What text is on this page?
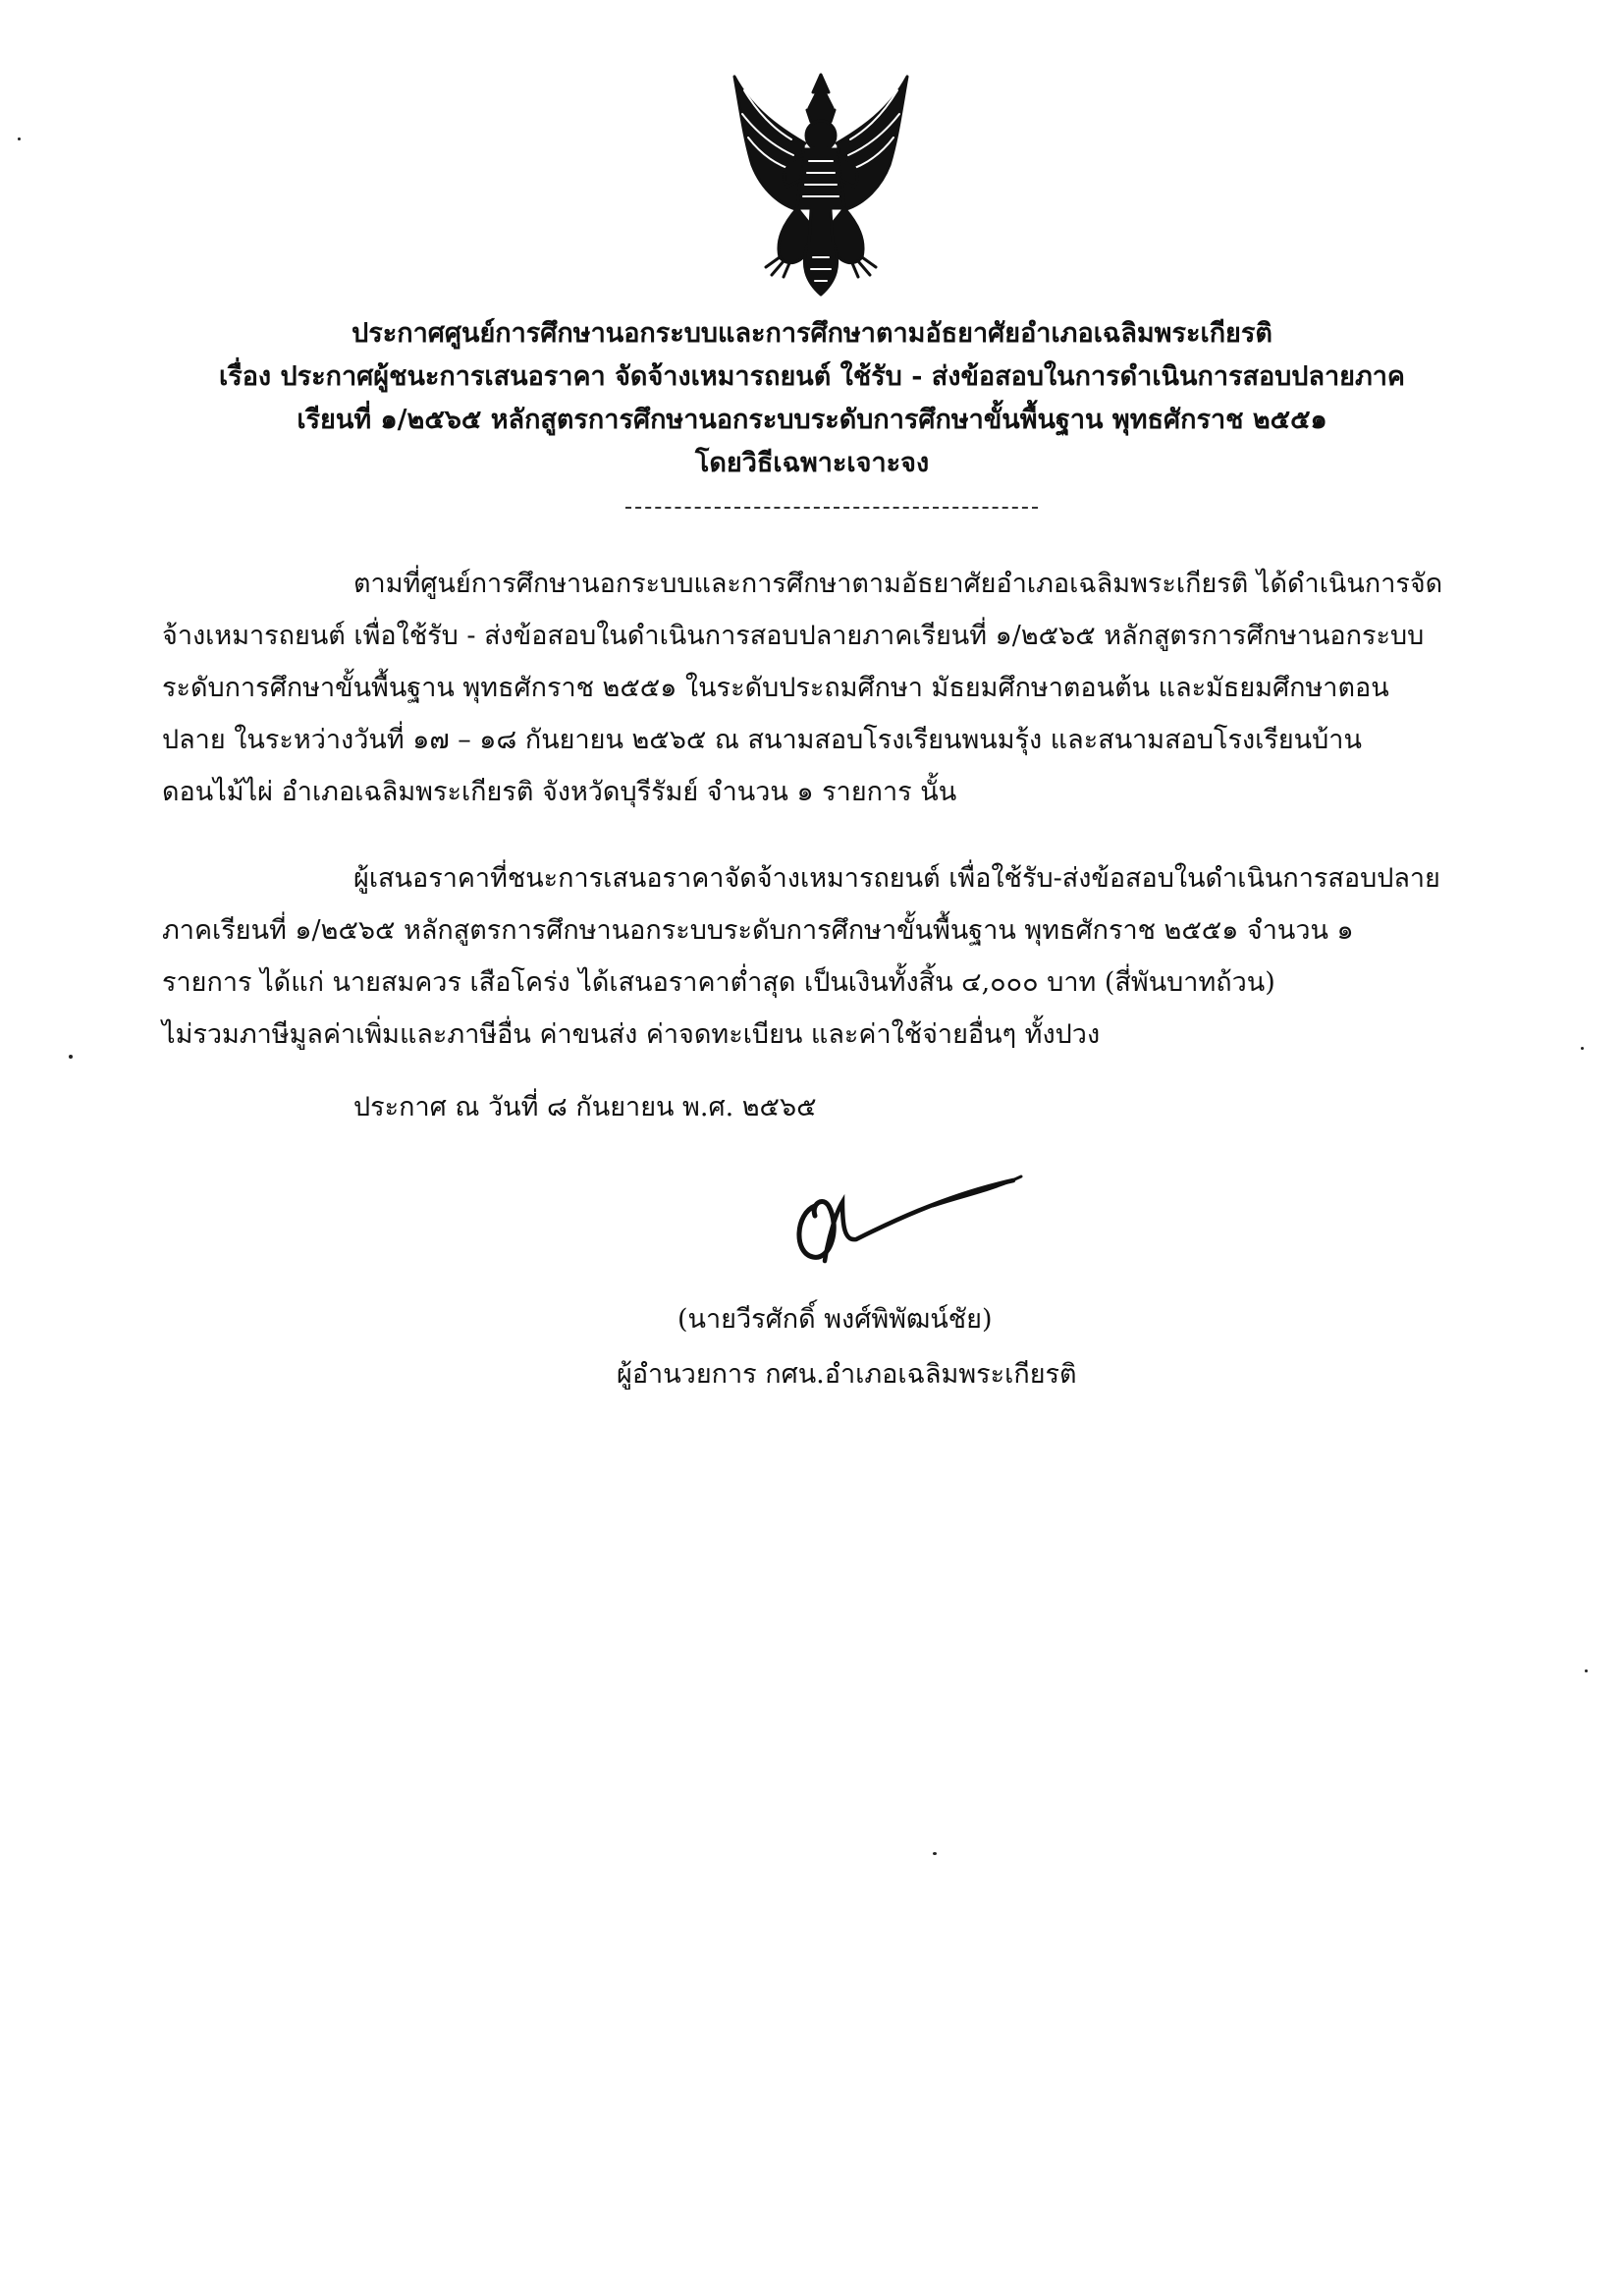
ประกาศศูนย์การศึกษานอกระบบและการศึกษาตามอัธยาศัยอำเภอเฉลิมพระเกียรติ
เรื่อง ประกาศผู้ชนะการเสนอราคา จัดจ้างเหมารถยนต์ ใช้รับ - ส่งข้อสอบในการดำเนินการสอบปลายภาค
เรียนที่ ๑/๒๕๖๕ หลักสูตรการศึกษานอกระบบระดับการศึกษาขั้นพื้นฐาน พุทธศักราช ๒๕๕๑
โดยวิธีเฉพาะเจาะจง
ตามที่ศูนย์การศึกษานอกระบบและการศึกษาตามอัธยาศัยอำเภอเฉลิมพระเกียรติ ได้ดำเนินการจัด
จ้างเหมารถยนต์ เพื่อใช้รับ - ส่งข้อสอบในดำเนินการสอบปลายภาคเรียนที่ ๑/๒๕๖๕ หลักสูตรการศึกษานอกระบบ
ระดับการศึกษาขั้นพื้นฐาน พุทธศักราช ๒๕๕๑ ในระดับประถมศึกษา มัธยมศึกษาตอนต้น และมัธยมศึกษาตอน
ปลาย ในระหว่างวันที่ ๑๗ – ๑๘ กันยายน ๒๕๖๕ ณ สนามสอบโรงเรียนพนมรุ้ง และสนามสอบโรงเรียนบ้าน
ดอนไม้ไผ่ อำเภอเฉลิมพระเกียรติ จังหวัดบุรีรัมย์ จำนวน ๑ รายการ นั้น
ผู้เสนอราคาที่ชนะการเสนอราคาจัดจ้างเหมารถยนต์ เพื่อใช้รับ-ส่งข้อสอบในดำเนินการสอบปลาย
ภาคเรียนที่ ๑/๒๕๖๕ หลักสูตรการศึกษานอกระบบระดับการศึกษาขั้นพื้นฐาน พุทธศักราช ๒๕๕๑ จำนวน ๑
รายการ ได้แก่ นายสมควร เสือโคร่ง ได้เสนอราคาต่ำสุด เป็นเงินทั้งสิ้น ๔,๐๐๐ บาท (สี่พันบาทถ้วน)
ไม่รวมภาษีมูลค่าเพิ่มและภาษีอื่น ค่าขนส่ง ค่าจดทะเบียน และค่าใช้จ่ายอื่นๆ ทั้งปวง
ประกาศ ณ วันที่ ๘ กันยายน พ.ศ. ๒๕๖๕
(นายวีรศักดิ์ พงศ์พิพัฒน์ชัย)
ผู้อำนวยการ กศน.อำเภอเฉลิมพระเกียรติ
